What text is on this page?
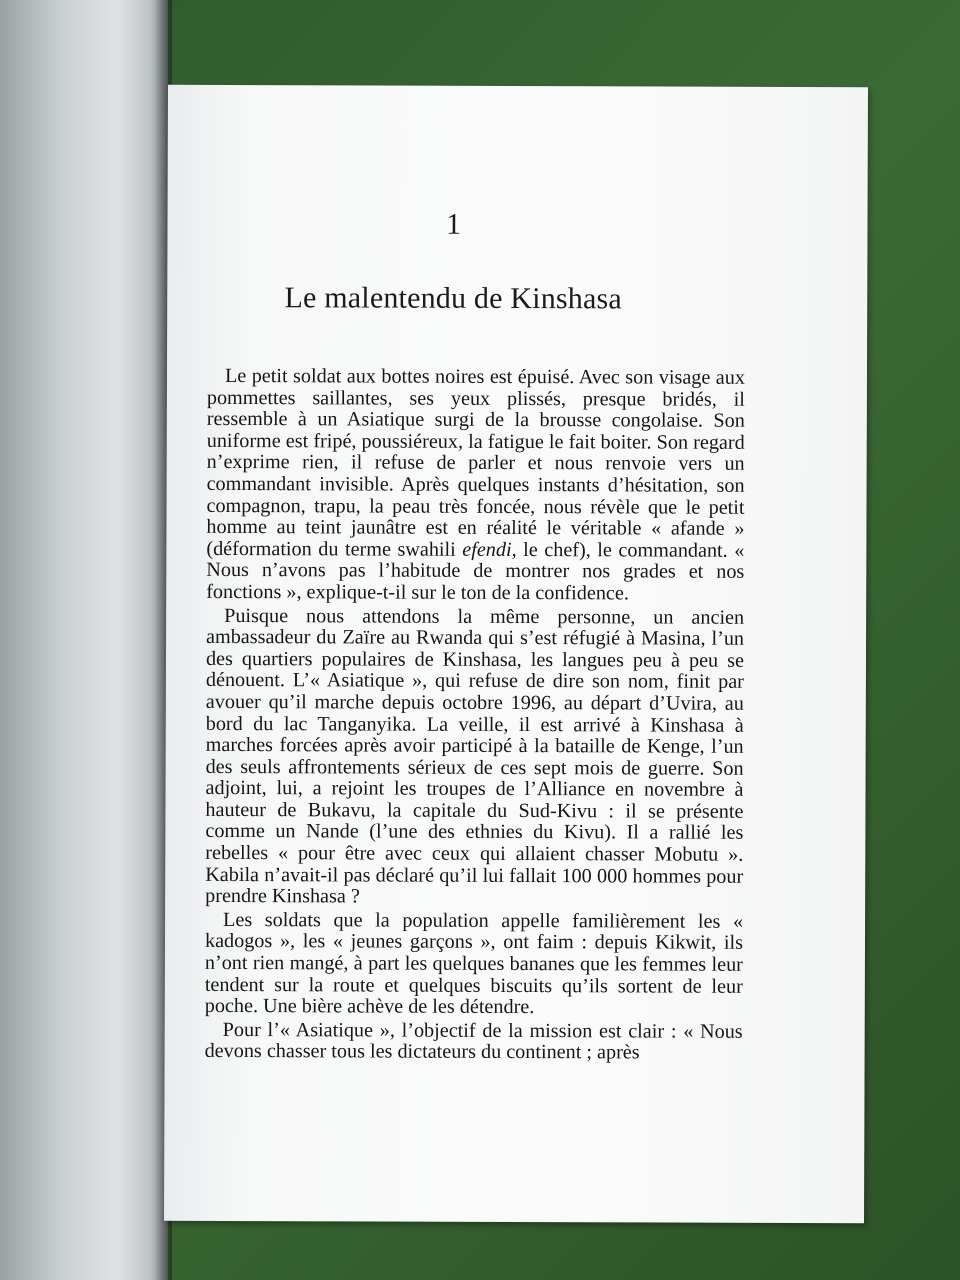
1
Le malentendu de Kinshasa

Le petit soldat aux bottes noires est épuisé. Avec son visage aux pommettes saillantes, ses yeux plissés, presque bridés, il ressemble à un Asiatique surgi de la brousse congolaise. Son uniforme est fripé, poussiéreux, la fatigue le fait boiter. Son regard n’exprime rien, il refuse de parler et nous renvoie vers un commandant invisible. Après quelques instants d’hésitation, son compagnon, trapu, la peau très foncée, nous révèle que le petit homme au teint jaunâtre est en réalité le véritable « afande » (déformation du terme swahili efendi, le chef), le commandant. « Nous n’avons pas l’habitude de montrer nos grades et nos fonctions », explique-t-il sur le ton de la confidence.

Puisque nous attendons la même personne, un ancien ambassadeur du Zaïre au Rwanda qui s’est réfugié à Masina, l’un des quartiers populaires de Kinshasa, les langues peu à peu se dénouent. L’« Asiatique », qui refuse de dire son nom, finit par avouer qu’il marche depuis octobre 1996, au départ d’Uvira, au bord du lac Tanganyika. La veille, il est arrivé à Kinshasa à marches forcées après avoir participé à la bataille de Kenge, l’un des seuls affrontements sérieux de ces sept mois de guerre. Son adjoint, lui, a rejoint les troupes de l’Alliance en novembre à hauteur de Bukavu, la capitale du Sud-Kivu : il se présente comme un Nande (l’une des ethnies du Kivu). Il a rallié les rebelles « pour être avec ceux qui allaient chasser Mobutu ». Kabila n’avait-il pas déclaré qu’il lui fallait 100 000 hommes pour prendre Kinshasa ?

Les soldats que la population appelle familièrement les « kadogos », les « jeunes garçons », ont faim : depuis Kikwit, ils n’ont rien mangé, à part les quelques bananes que les femmes leur tendent sur la route et quelques biscuits qu’ils sortent de leur poche. Une bière achève de les détendre.

Pour l’« Asiatique », l’objectif de la mission est clair : « Nous devons chasser tous les dictateurs du continent ; après
